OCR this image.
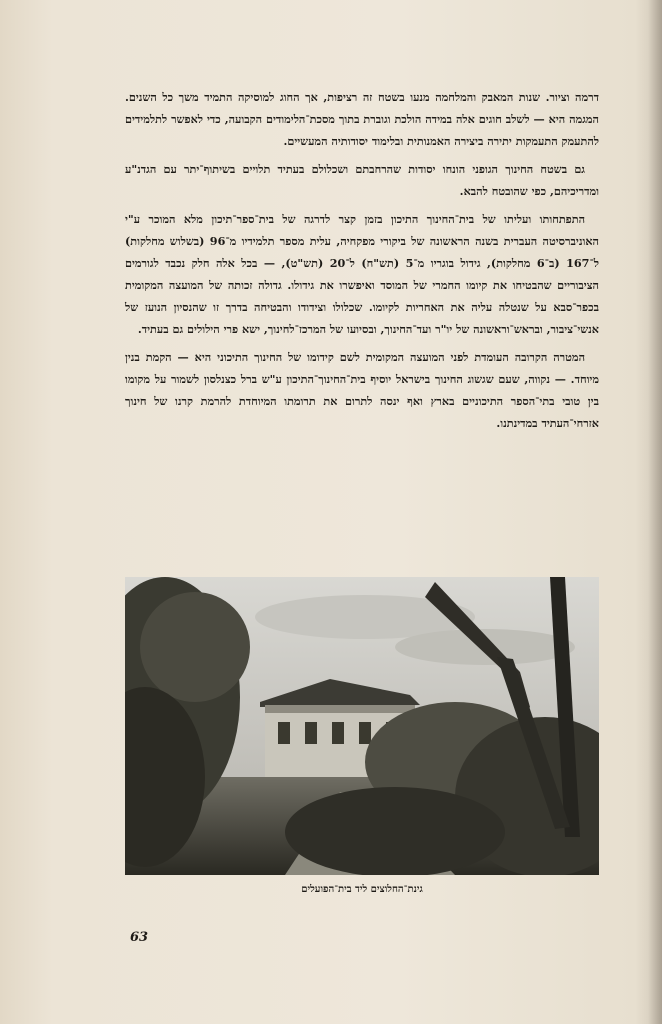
דרמה וציור. שנות המאבק והמלחמה מנעו בשטח זה רציפות, אך החוג למוסיקה התמיד משך כל השנים. המגמה היא — לשלב חוגים אלה במידה הולכת וגוברת בתוך מסכת־הלימודים הקבועה, כדי לאפשר לתלמידים להתעמק התעמקות יתירה ביצירה האמנותית ובלימוד יסודותיה המעשיים.

גם בשטח החינוך הגופני הונחו יסודות שהרחבתם ושכלולם בעתיד תלויים בשיתוף־יתר עם הגדנ"ע ומדריכיהם, כפי שהובטח להבא.

התפתחותו ועליתו של בית־החינוך התיכון בזמן קצר לדרגה של בית־ספר־תיכון מלא המוכר ע"י האוניברסיטה העברית בשנה הראשונה של ביקורי מפקחיה, עלית מספר תלמידיו מ־96 (בשלוש מחלקות) ל־167 (ב־6 מחלקות), גידול בוגריו מ־5 (תש"ח) ל־20 (תש"ט), — בכל אלה חלק נכבד לגורמים הציבוריים שהבטיחו את קיומו החמרי של המוסד ואיפשרו את גידולו. גדולה זכותה של המועצה המקומית בכפר־סבא על שנטלה עליה את האחריות לקיומו. שכלולו וצידודו והבטיחה בדרך זו שהנסיון הנועז של אנשי־ציבור, ובראש־וראשונה של יו"ר ועד־החינוך, ובסיועו של המרכז־לחינוך, ישא פרי הילולים גם בעתיד.

המטרה הקרובה העומדת לפני המועצה המקומית לשם קידומו של החינוך התיכוני היא — הקמת בנין מיוחד. — נקווה, שעם שגשוג החינוך בישראל יוסיף בית־החינוך־התיכון ע"ש ברל כצנלסון לשמור על מקומו בין טובי בתי־הספר התיכוניים בארץ ואף ינסה לתרום את תרומתו המיוחדת להרמת קרנו של חינוך אזרחי־העתיד במדינתנו.

גינת־החלוצים ליד בית־הפועלים
63
